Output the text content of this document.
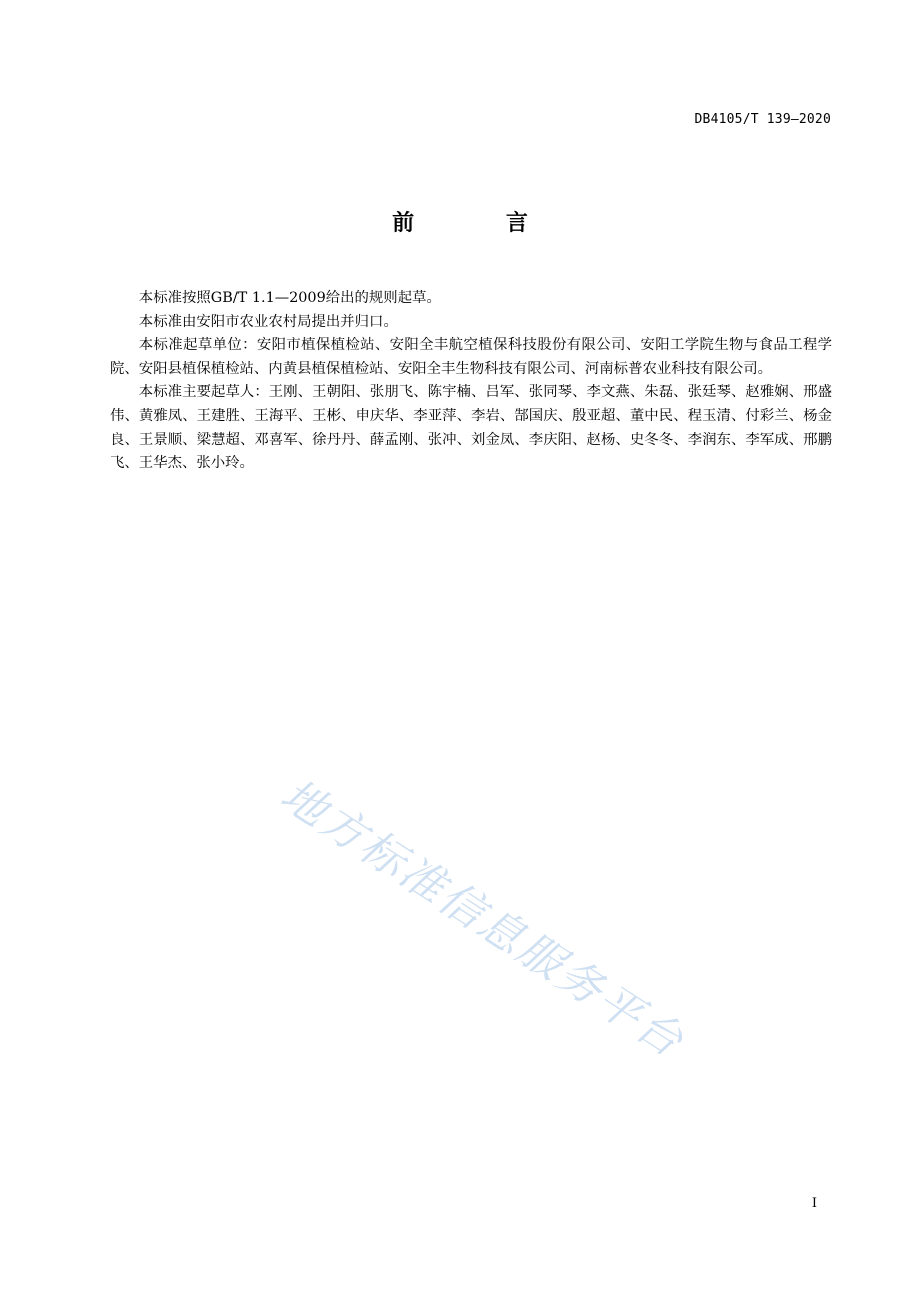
DB4105/T 139—2020
前 言

本标准按照GB/T 1.1—2009给出的规则起草。

本标准由安阳市农业农村局提出并归口。

本标准起草单位：安阳市植保植检站、安阳全丰航空植保科技股份有限公司、安阳工学院生物与食品工程学院、安阳县植保植检站、内黄县植保植检站、安阳全丰生物科技有限公司、河南标普农业科技有限公司。

本标准主要起草人：王刚、王朝阳、张朋飞、陈宇楠、吕军、张同琴、李文燕、朱磊、张廷琴、赵雅娴、邢盛伟、黄雅凤、王建胜、王海平、王彬、申庆华、李亚萍、李岩、郜国庆、殷亚超、董中民、程玉清、付彩兰、杨金良、王景顺、梁慧超、邓喜军、徐丹丹、薛孟刚、张冲、刘金凤、李庆阳、赵杨、史冬冬、李润东、李军成、邢鹏飞、王华杰、张小玲。

地方标准信息服务平台
I
